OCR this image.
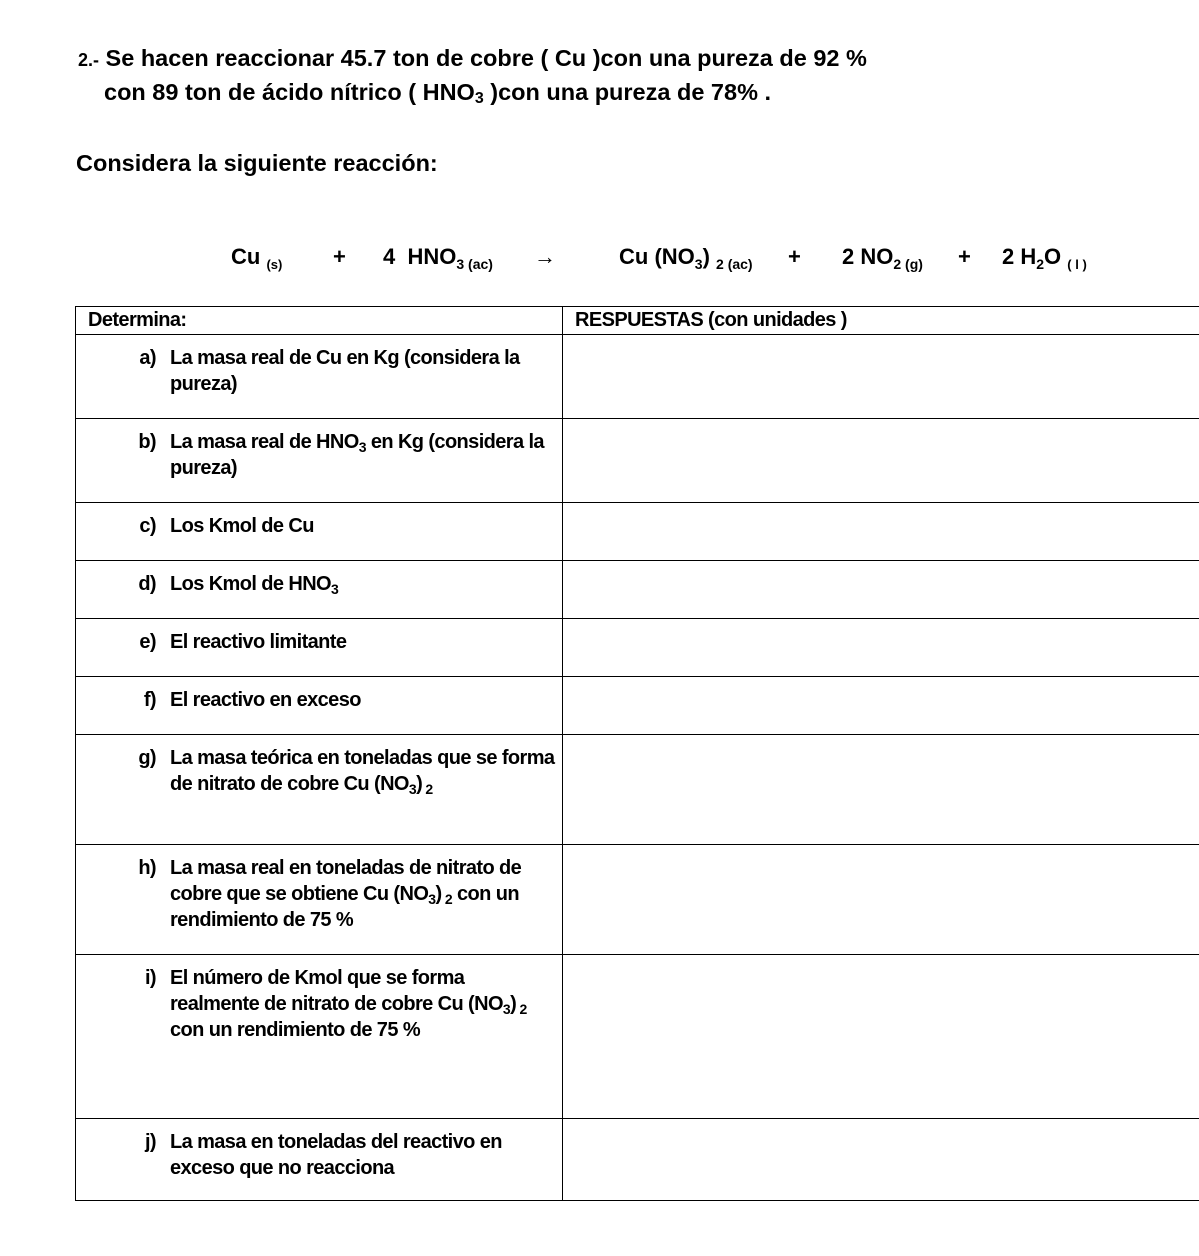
2.- Se hacen reaccionar 45.7 ton de cobre ( Cu )con una pureza de 92 %
con 89 ton de ácido nítrico ( $HNO_3$ )con una pureza de 78% .

Considera la siguiente reacción:

Cu $_{(s)}$ + 4 $HNO_{3 (ac)}$ →	Cu $(NO_3) _{2 (ac)} + 2$ $NO_{2 (g)} + 2$ $H_2O$ $_{( l )}$
Determina:	RESPUESTAS (con unidades )

a) La masa real de Cu en Kg (considera la pureza)	

b) La masa real de $HNO_3$ en Kg (considera la pureza)	

c) Los Kmol de Cu	

d) Los Kmol de $HNO_3$

e) El reactivo limitante	

f) El reactivo en exceso	

g) La masa teórica en toneladas que se forma de nitrato de cobre Cu $(NO_3)$ $_2$

h) La masa real en toneladas de nitrato de cobre que se obtiene Cu $(NO_3)$ $_2$ con un rendimiento de 75 %	

i) El número de Kmol que se forma realmente de nitrato de cobre Cu $(NO_3)$ $_2$ con un rendimiento de 75 %	

j) La masa en toneladas del reactivo en exceso que no reacciona	
